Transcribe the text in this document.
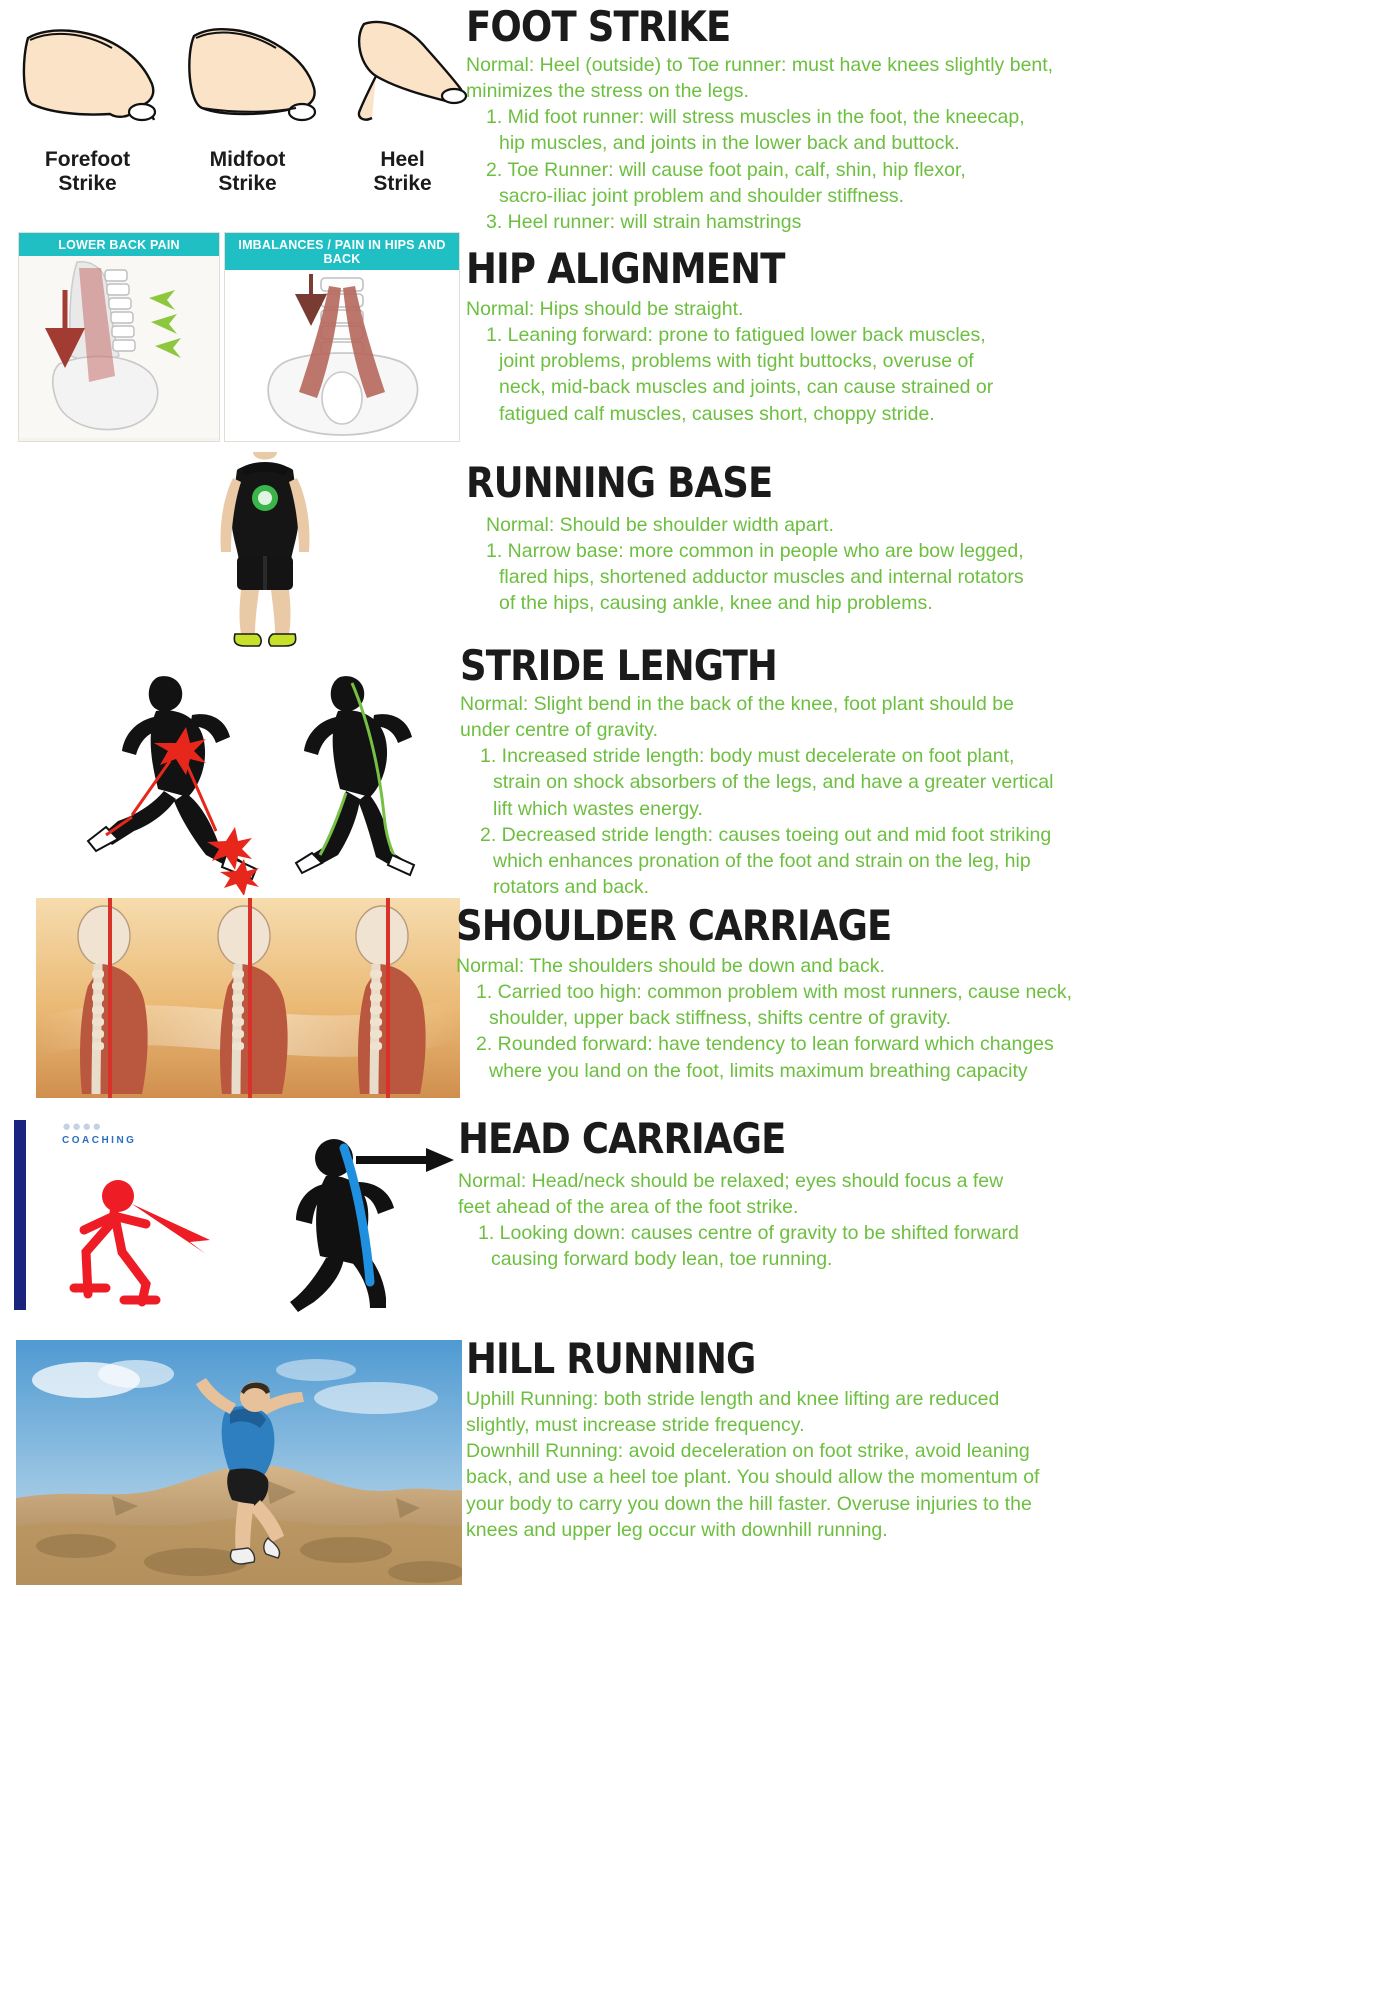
Forefoot
Strike
Midfoot
Strike
Heel
Strike
FOOT STRIKE
Normal: Heel (outside) to Toe runner: must have knees slightly bent,
minimizes the stress on the legs.
1. Mid foot runner: will stress muscles in the foot, the kneecap,
hip muscles, and joints in the lower back and buttock.
2. Toe Runner: will cause foot pain, calf, shin, hip flexor,
sacro-iliac joint problem and shoulder stiffness.
3. Heel runner: will strain hamstrings
LOWER BACK PAIN	IMBALANCES / PAIN IN HIPS AND BACK	HIP ALIGNMENT
Normal: Hips should be straight.
1. Leaning forward: prone to fatigued lower back muscles,
joint problems, problems with tight buttocks, overuse of
neck, mid-back muscles and joints, can cause strained or
fatigued calf muscles, causes short, choppy stride.
RUNNING BASE
Normal: Should be shoulder width apart.
1. Narrow base: more common in people who are bow legged,
flared hips, shortened adductor muscles and internal rotators
of the hips, causing ankle, knee and hip problems.
STRIDE LENGTH
Normal: Slight bend in the back of the knee, foot plant should be
under centre of gravity.
1. Increased stride length: body must decelerate on foot plant,
strain on shock absorbers of the legs, and have a greater vertical
lift which wastes energy.
2. Decreased stride length: causes toeing out and mid foot striking
which enhances pronation of the foot and strain on the leg, hip
rotators and back.
SHOULDER CARRIAGE
Normal: The shoulders should be down and back.
1. Carried too high: common problem with most runners, cause neck,
shoulder, upper back stiffness, shifts centre of gravity.
2. Rounded forward: have tendency to lean forward which changes
where you land on the foot, limits maximum breathing capacity
●●●●
COACHING	HEAD CARRIAGE
Normal: Head/neck should be relaxed; eyes should focus a few
feet ahead of the area of the foot strike.
1. Looking down: causes centre of gravity to be shifted forward
causing forward body lean, toe running.
HILL RUNNING
Uphill Running: both stride length and knee lifting are reduced
slightly, must increase stride frequency.
Downhill Running: avoid deceleration on foot strike, avoid leaning
back, and use a heel toe plant. You should allow the momentum of
your body to carry you down the hill faster. Overuse injuries to the
knees and upper leg occur with downhill running.
